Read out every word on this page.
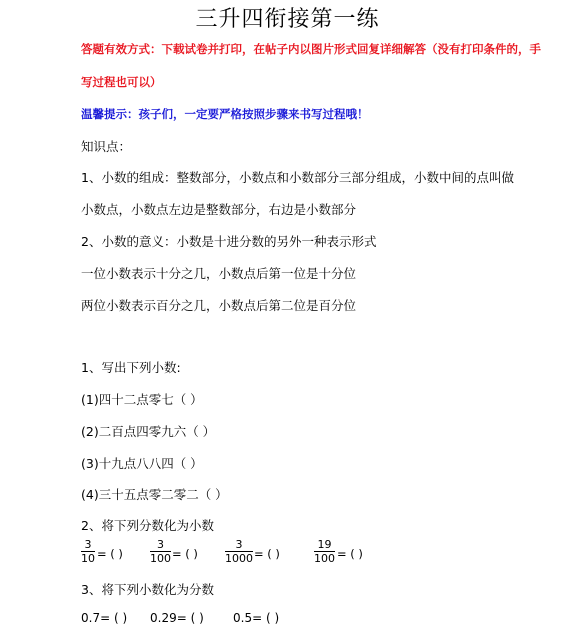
三升四衔接第一练
答题有效方式：下载试卷并打印，在帖子内以图片形式回复详细解答（没有打印条件的，手
写过程也可以）
温馨提示：孩子们，一定要严格按照步骤来书写过程哦！
知识点：
1、小数的组成：整数部分，小数点和小数部分三部分组成，小数中间的点叫做
小数点，小数点左边是整数部分，右边是小数部分
2、小数的意义：小数是十进分数的另外一种表示形式
一位小数表示十分之几，小数点后第一位是十分位
两位小数表示百分之几，小数点后第二位是百分位
1、写出下列小数:
(1)四十二点零七（ ）
(2)二百点四零九六（ ）
(3)十九点八八四（ ）
(4)三十五点零二零二（ ）
2、将下列分数化为小数
$\frac{3}{10}$ = ( ) $\frac{3}{100}$ = ( ) $\frac{3}{1000}$ = ( )	$\frac{19}{100}$ = ( )
3、将下列小数化为分数
0.7= ( ) 0.29= ( ) 0.5= ( )
